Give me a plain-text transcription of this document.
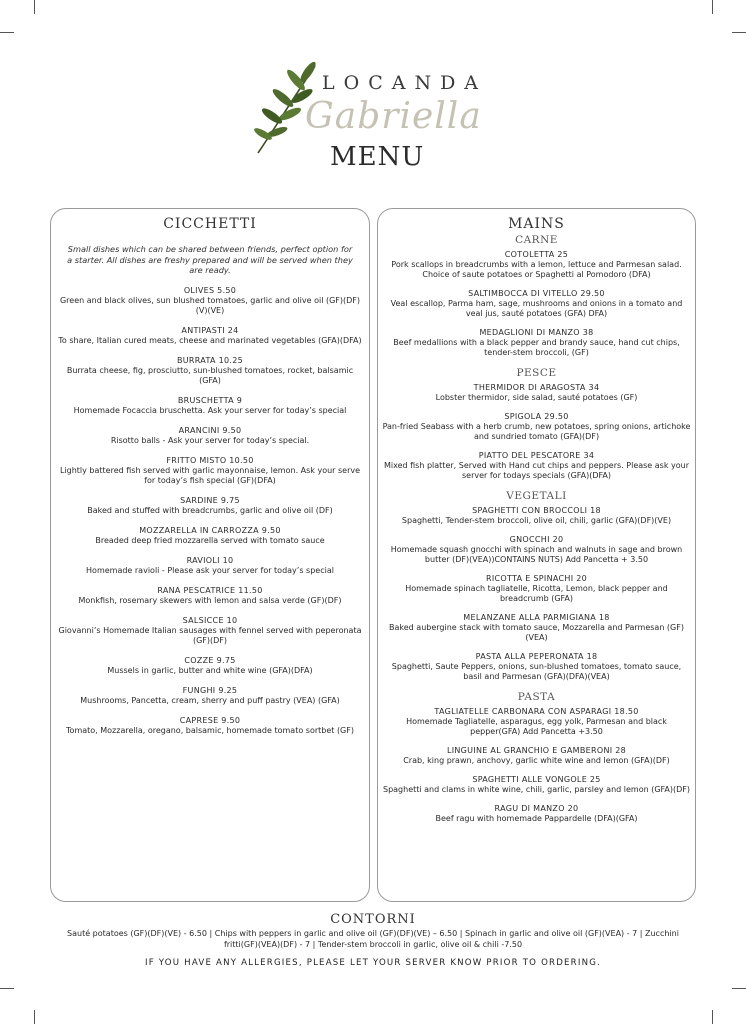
LOCANDA
Gabriella
MENU
CICCHETTI
Small dishes which can be shared between friends, perfect option for a starter. All dishes are freshy prepared and will be served when they are ready.
OLIVES 5.50
Green and black olives, sun blushed tomatoes, garlic and olive oil (GF)(DF)(V)(VE)
ANTIPASTI 24
To share, Italian cured meats, cheese and marinated vegetables (GFA)(DFA)
BURRATA 10.25
Burrata cheese, fig, prosciutto, sun-blushed tomatoes, rocket, balsamic (GFA)
BRUSCHETTA 9
Homemade Focaccia bruschetta. Ask your server for today’s special
ARANCINI 9.50
Risotto balls - Ask your server for today’s special.
FRITTO MISTO 10.50
Lightly battered fish served with garlic mayonnaise, lemon. Ask your serve for today’s fish special (GF)(DFA)
SARDINE 9.75
Baked and stuffed with breadcrumbs, garlic and olive oil (DF)
MOZZARELLA IN CARROZZA 9.50
Breaded deep fried mozzarella served with tomato sauce
RAVIOLI 10
Homemade ravioli - Please ask your server for today’s special
RANA PESCATRICE 11.50
Monkfish, rosemary skewers with lemon and salsa verde (GF)(DF)
SALSICCE 10
Giovanni’s Homemade Italian sausages with fennel served with peperonata (GF)(DF)
COZZE 9.75
Mussels in garlic, butter and white wine (GFA)(DFA)
FUNGHI 9.25
Mushrooms, Pancetta, cream, sherry and puff pastry (VEA) (GFA)
CAPRESE 9.50
Tomato, Mozzarella, oregano, balsamic, homemade tomato sortbet (GF)
MAINS
CARNE
COTOLETTA 25
Pork scallops in breadcrumbs with a lemon, lettuce and Parmesan salad. Choice of saute potatoes or Spaghetti al Pomodoro (DFA)
SALTIMBOCCA DI VITELLO 29.50
Veal escallop, Parma ham, sage, mushrooms and onions in a tomato and veal jus, sauté potatoes (GFA) DFA)
MEDAGLIONI DI MANZO 38
Beef medallions with a black pepper and brandy sauce, hand cut chips, tender-stem broccoli, (GF)
PESCE
THERMIDOR DI ARAGOSTA 34
Lobster thermidor, side salad, sauté potatoes (GF)
SPIGOLA 29.50
Pan-fried Seabass with a herb crumb, new potatoes, spring onions, artichoke and sundried tomato (GFA)(DF)
PIATTO DEL PESCATORE 34
Mixed fish platter, Served with Hand cut chips and peppers. Please ask your server for todays specials (GFA)(DFA)
VEGETALI
SPAGHETTI CON BROCCOLI 18
Spaghetti, Tender-stem broccoli, olive oil, chili, garlic (GFA)(DF)(VE)
GNOCCHI 20
Homemade squash gnocchi with spinach and walnuts in sage and brown butter (DF)(VEA))CONTAINS NUTS) Add Pancetta + 3.50
RICOTTA E SPINACHI 20
Homemade spinach tagliatelle, Ricotta, Lemon, black pepper and breadcrumb (GFA)
MELANZANE ALLA PARMIGIANA 18
Baked aubergine stack with tomato sauce, Mozzarella and Parmesan (GF) (VEA)
PASTA ALLA PEPERONATA 18
Spaghetti, Saute Peppers, onions, sun-blushed tomatoes, tomato sauce, basil and Parmesan (GFA)(DFA)(VEA)
PASTA
TAGLIATELLE CARBONARA CON ASPARAGI 18.50
Homemade Tagliatelle, asparagus, egg yolk, Parmesan and black pepper(GFA) Add Pancetta +3.50
LINGUINE AL GRANCHIO E GAMBERONI 28
Crab, king prawn, anchovy, garlic white wine and lemon (GFA)(DF)
SPAGHETTI ALLE VONGOLE 25
Spaghetti and clams in white wine, chili, garlic, parsley and lemon (GFA)(DF)
RAGU DI MANZO 20
Beef ragu with homemade Pappardelle (DFA)(GFA)
CONTORNI
Sauté potatoes (GF)(DF)(VE) - 6.50 | Chips with peppers in garlic and olive oil (GF)(DF)(VE) – 6.50 | Spinach in garlic and olive oil (GF)(VEA) - 7 | Zucchini fritti(GF)(VEA)(DF) - 7 | Tender-stem broccoli in garlic, olive oil & chili -7.50
IF YOU HAVE ANY ALLERGIES, PLEASE LET YOUR SERVER KNOW PRIOR TO ORDERING.
